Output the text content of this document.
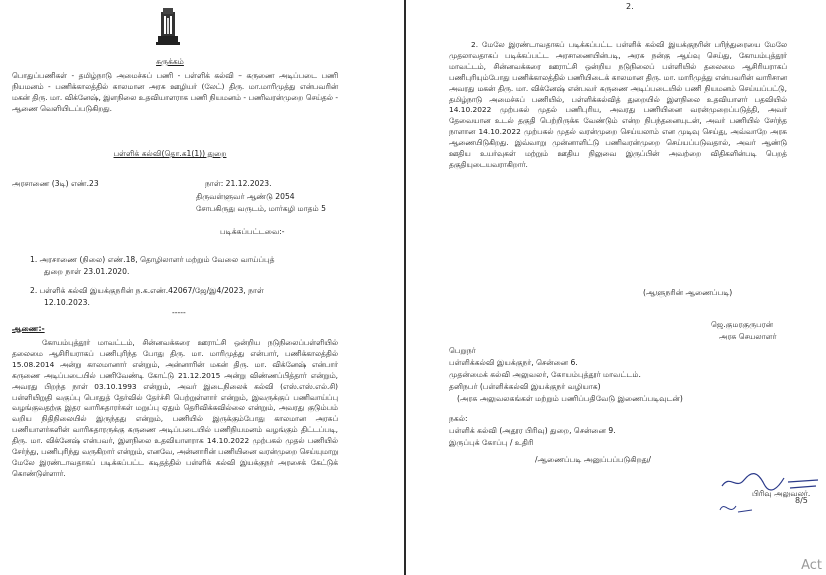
சுருக்கம்
பொதுப்பணிகள் - தமிழ்நாடு அமைச்சுப் பணி - பள்ளிக் கல்வி – கருணை அடிப்படை பணி நியமனம் - பணிக்காலத்தில் காலமான அரசு ஊழியர் (லேட்) திரு. மா.மாரிமுத்து என்பவரின் மகன் திரு. மா. விக்னேஷ், இளநிலை உதவியாளராக பணி நியமனம் - பணிவரன்முறை செய்தல் - ஆணை வெளியிடப்படுகிறது.
பள்ளிக் கல்வி(தொ.க1(1)) துறை
அரசாணை (3டி) எண்.23	நாள்: 21.12.2023.
திருவள்ளுவர் ஆண்டு 2054
சோபகிருது வருடம், மார்கழி மாதம் 5
படிக்கப்பட்டவை:-
1. அரசாணை (நிலை) எண்.18, தொழிலாளர் மற்றும் வேலை வாய்ப்புத்
துறை நாள் 23.01.2020.
2. பள்ளிக் கல்வி இயக்குநரின் ந.க.எண்.42067/ஜே/இ4/2023, நாள்
12.10.2023.
-----
ஆணை:-
கோயம்புத்தூர் மாவட்டம், சின்னவக்கரை ஊராட்சி ஒன்றிய நடுநிலைப்பள்ளியில் தலைமை ஆசிரியராகப் பணிபுரிந்த போது திரு. மா. மாரிமுத்து என்பார், பணிக்காலத்தில் 15.08.2014 அன்று காலமானார் என்றும், அன்னாரின் மகன் திரு. மா. விக்னேஷ் என்பார் கருணை அடிப்படையில் பணிவேண்டி கோட்டு 21.12.2015 அன்று விண்ணப்பித்தார் என்றும், அவரது பிறந்த நாள் 03.10.1993 என்றும், அவர் இடைநிலைக் கல்வி (எஸ்.எஸ்.எல்.சி) பள்ளியிறுதி வகுப்பு பொதுத் தேர்வில் தேர்ச்சி பெற்றுள்ளார் என்றும், இவருக்குப் பணிவாய்ப்பு வழங்குவதற்கு இதர வாரிசுதாரர்கள் மறுப்பு ஏதும் தெரிவிக்கவில்லை என்றும், அவரது குடும்பம் வறிய நிதிநிலையில் இருந்தது என்றும், பணியில் இருக்கும்போது காலமான அரசுப் பணியாளர்களின் வாரிசுதாரருக்கு கருணை அடிப்படையில் பணிநியமனம் வழங்கும் திட்டப்படி, திரு. மா. விக்னேஷ் என்பவர், இளநிலை உதவியாளராக 14.10.2022 முற்பகல் முதல் பணியில் சேர்ந்து, பணிபுரிந்து வருகிறார் என்றும், எனவே, அன்னாரின் பணியினை வரன்முறை செய்யுமாறு மேலே இரண்டாவதாகப் படிக்கப்பட்ட கடிதத்தில் பள்ளிக் கல்வி இயக்குநர் அரசைக் கேட்டுக் கொண்டுள்ளார்.
2. மேலே இரண்டாவதாகப் படிக்கப்பட்ட பள்ளிக் கல்வி இயக்குநரின் பரிந்துரையை மேலே முதலாவதாகப் படிக்கப்பட்ட அரசாணையின்படி, அரசு நன்கு ஆய்வு செய்து, கோயம்புத்தூர் மாவட்டம், சின்னவக்கரை ஊராட்சி ஒன்றிய நடுநிலைப் பள்ளியில் தலைமை ஆசிரியராகப் பணிபுரியும்போது பணிக்காலத்தில் பணியிடைக் காலமான திரு. மா. மாரிமுத்து என்பவரின் வாரிசான அவரது மகன் திரு. மா. விக்னேஷ் என்பவர் கருணை அடிப்படையில் பணி நியமனம் செய்யப்பட்டு, தமிழ்நாடு அமைச்சுப் பணியில், பள்ளிக்கல்வித் துறையில் இளநிலை உதவியாளர் பதவியில் 14.10.2022 முற்பகல் முதல் பணிபுரிய, அவரது பணியினை வரன்முறைப்படுத்தி, அவர் தேவையான உடல் தகுதி பெற்றிருக்க வேண்டும் என்ற நிபந்தனையுடன், அவர் பணியில் சேர்ந்த நாளான 14.10.2022 முற்பகல் முதல் வரன்முறை செய்யலாம் என முடிவு செய்து, அவ்வாறே அரசு ஆணையிடுகிறது. இவ்வாறு முன்னாளிட்டு பணிவரன்முறை செய்யப்படுவதால், அவர் ஆண்டு ஊதிய உயர்வுகள் மற்றும் ஊதிய நிலுவை இருப்பின் அவற்றை விதிகளின்படி பெறத் தகுதியுடையவராகிறார்.
(ஆளுநரின் ஆணைப்படி)
ஜெ.குமரகுருபரன்
அரசு செயலாளர்
பெறுநர்
பள்ளிக்கல்வி இயக்குநர், சென்னை 6.
முதன்மைக் கல்வி அலுவலர், கோயம்புத்தூர் மாவட்டம்.
தனிநபர் (பள்ளிக்கல்வி இயக்குநர் வழியாக)
(அரசு அலுவலகங்கள் மற்றும் பணிப்பதிவேடு இணைப்படிவுடன்)
நகல்:
பள்ளிக் கல்வி (அதூர பிரிவு) துறை, சென்னை 9.
இருப்புக் கோப்பு / உதிரி
/ஆணைப்படி அனுப்பப்படுகிறது/
2.
பிரிவு அலுவலர்.
8/5
Act
